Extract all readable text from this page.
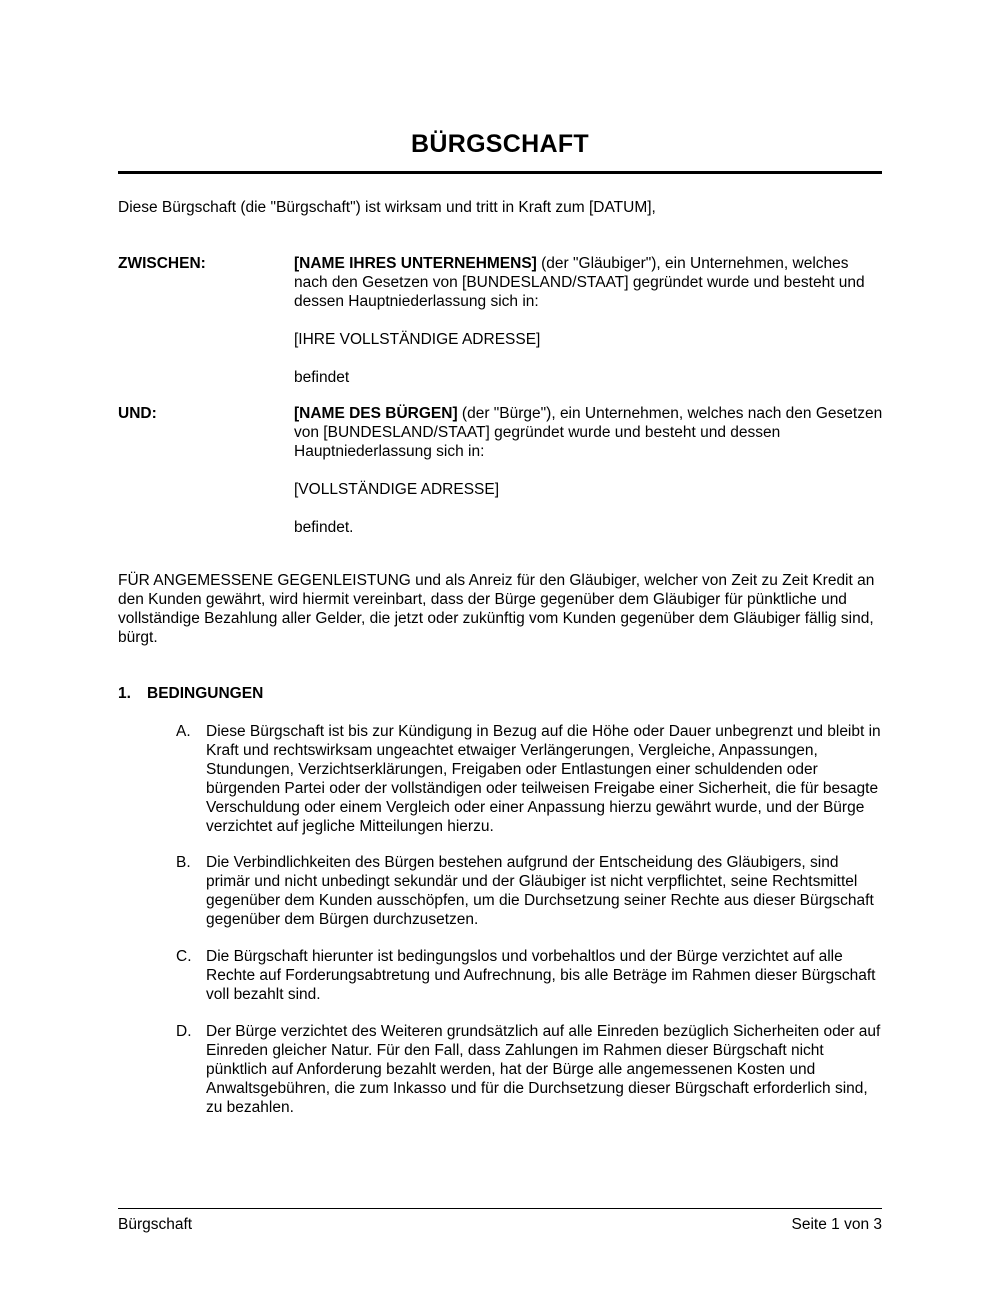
BÜRGSCHAFT

Diese Bürgschaft (die "Bürgschaft") ist wirksam und tritt in Kraft zum [DATUM],

ZWISCHEN:	[NAME IHRES UNTERNEHMENS] (der "Gläubiger"), ein Unternehmen, welches nach den Gesetzen von [BUNDESLAND/STAAT] gegründet wurde und besteht und dessen Hauptniederlassung sich in:

[IHRE VOLLSTÄNDIGE ADRESSE]

befindet

UND:	[NAME DES BÜRGEN] (der "Bürge"), ein Unternehmen, welches nach den Gesetzen von [BUNDESLAND/STAAT] gegründet wurde und besteht und dessen Hauptniederlassung sich in:

[VOLLSTÄNDIGE ADRESSE]

befindet.

FÜR ANGEMESSENE GEGENLEISTUNG und als Anreiz für den Gläubiger, welcher von Zeit zu Zeit Kredit an den Kunden gewährt, wird hiermit vereinbart, dass der Bürge gegenüber dem Gläubiger für pünktliche und vollständige Bezahlung aller Gelder, die jetzt oder zukünftig vom Kunden gegenüber dem Gläubiger fällig sind, bürgt.

1. BEDINGUNGEN
A. Diese Bürgschaft ist bis zur Kündigung in Bezug auf die Höhe oder Dauer unbegrenzt und bleibt in Kraft und rechtswirksam ungeachtet etwaiger Verlängerungen, Vergleiche, Anpassungen, Stundungen, Verzichtserklärungen, Freigaben oder Entlastungen einer schuldenden oder bürgenden Partei oder der vollständigen oder teilweisen Freigabe einer Sicherheit, die für besagte Verschuldung oder einem Vergleich oder einer Anpassung hierzu gewährt wurde, und der Bürge verzichtet auf jegliche Mitteilungen hierzu.

B. Die Verbindlichkeiten des Bürgen bestehen aufgrund der Entscheidung des Gläubigers, sind primär und nicht unbedingt sekundär und der Gläubiger ist nicht verpflichtet, seine Rechtsmittel gegenüber dem Kunden ausschöpfen, um die Durchsetzung seiner Rechte aus dieser Bürgschaft gegenüber dem Bürgen durchzusetzen.

C. Die Bürgschaft hierunter ist bedingungslos und vorbehaltlos und der Bürge verzichtet auf alle Rechte auf Forderungsabtretung und Aufrechnung, bis alle Beträge im Rahmen dieser Bürgschaft voll bezahlt sind.

D. Der Bürge verzichtet des Weiteren grundsätzlich auf alle Einreden bezüglich Sicherheiten oder auf Einreden gleicher Natur. Für den Fall, dass Zahlungen im Rahmen dieser Bürgschaft nicht pünktlich auf Anforderung bezahlt werden, hat der Bürge alle angemessenen Kosten und Anwaltsgebühren, die zum Inkasso und für die Durchsetzung dieser Bürgschaft erforderlich sind, zu bezahlen.

Bürgschaft	Seite 1 von 3
